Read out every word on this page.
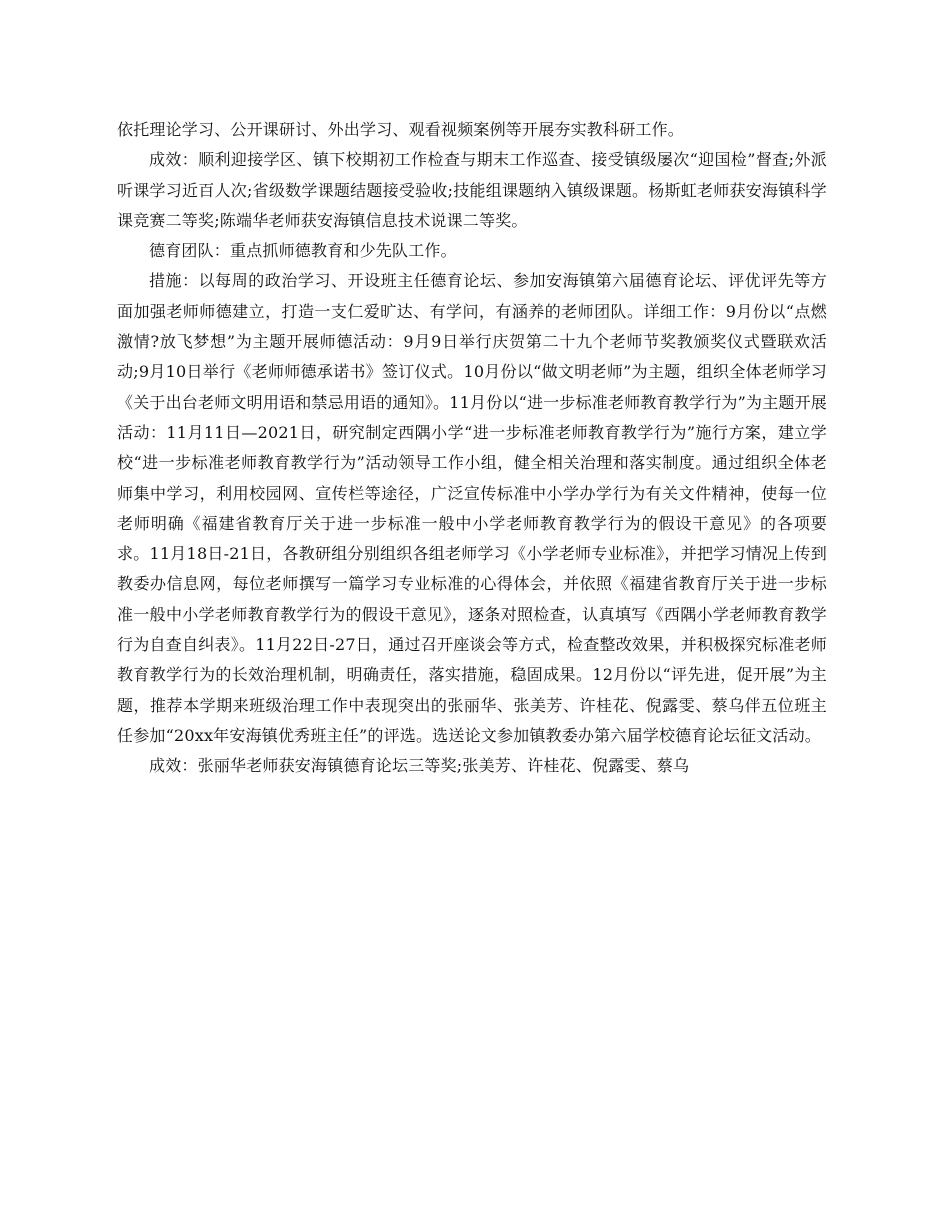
依托理论学习、公开课研讨、外出学习、观看视频案例等开展夯实教科研工作。

成效：顺利迎接学区、镇下校期初工作检查与期末工作巡查、接受镇级屡次“迎国检”督查;外派听课学习近百人次;省级数学课题结题接受验收;技能组课题纳入镇级课题。杨斯虹老师获安海镇科学课竞赛二等奖;陈端华老师获安海镇信息技术说课二等奖。

德育团队：重点抓师德教育和少先队工作。

措施：以每周的政治学习、开设班主任德育论坛、参加安海镇第六届德育论坛、评优评先等方面加强老师师德建立，打造一支仁爱旷达、有学问，有涵养的老师团队。详细工作：9月份以“点燃激情?放飞梦想”为主题开展师德活动：9月9日举行庆贺第二十九个老师节奖教颁奖仪式暨联欢活动;9月10日举行《老师师德承诺书》签订仪式。10月份以“做文明老师”为主题，组织全体老师学习《关于出台老师文明用语和禁忌用语的通知》。11月份以“进一步标准老师教育教学行为”为主题开展活动：11月11日—2021日，研究制定西隅小学“进一步标准老师教育教学行为”施行方案，建立学校“进一步标准老师教育教学行为”活动领导工作小组，健全相关治理和落实制度。通过组织全体老师集中学习，利用校园网、宣传栏等途径，广泛宣传标准中小学办学行为有关文件精神，使每一位老师明确《福建省教育厅关于进一步标准一般中小学老师教育教学行为的假设干意见》的各项要求。11月18日-21日，各教研组分别组织各组老师学习《小学老师专业标准》，并把学习情况上传到教委办信息网，每位老师撰写一篇学习专业标准的心得体会，并依照《福建省教育厅关于进一步标准一般中小学老师教育教学行为的假设干意见》，逐条对照检查，认真填写《西隅小学老师教育教学行为自查自纠表》。11月22日-27日，通过召开座谈会等方式，检查整改效果，并积极探究标准老师教育教学行为的长效治理机制，明确责任，落实措施，稳固成果。12月份以“评先进，促开展”为主题，推荐本学期来班级治理工作中表现突出的张丽华、张美芳、许桂花、倪露雯、蔡乌伴五位班主任参加“20xx年安海镇优秀班主任”的评选。选送论文参加镇教委办第六届学校德育论坛征文活动。

成效：张丽华老师获安海镇德育论坛三等奖;张美芳、许桂花、倪露雯、蔡乌
